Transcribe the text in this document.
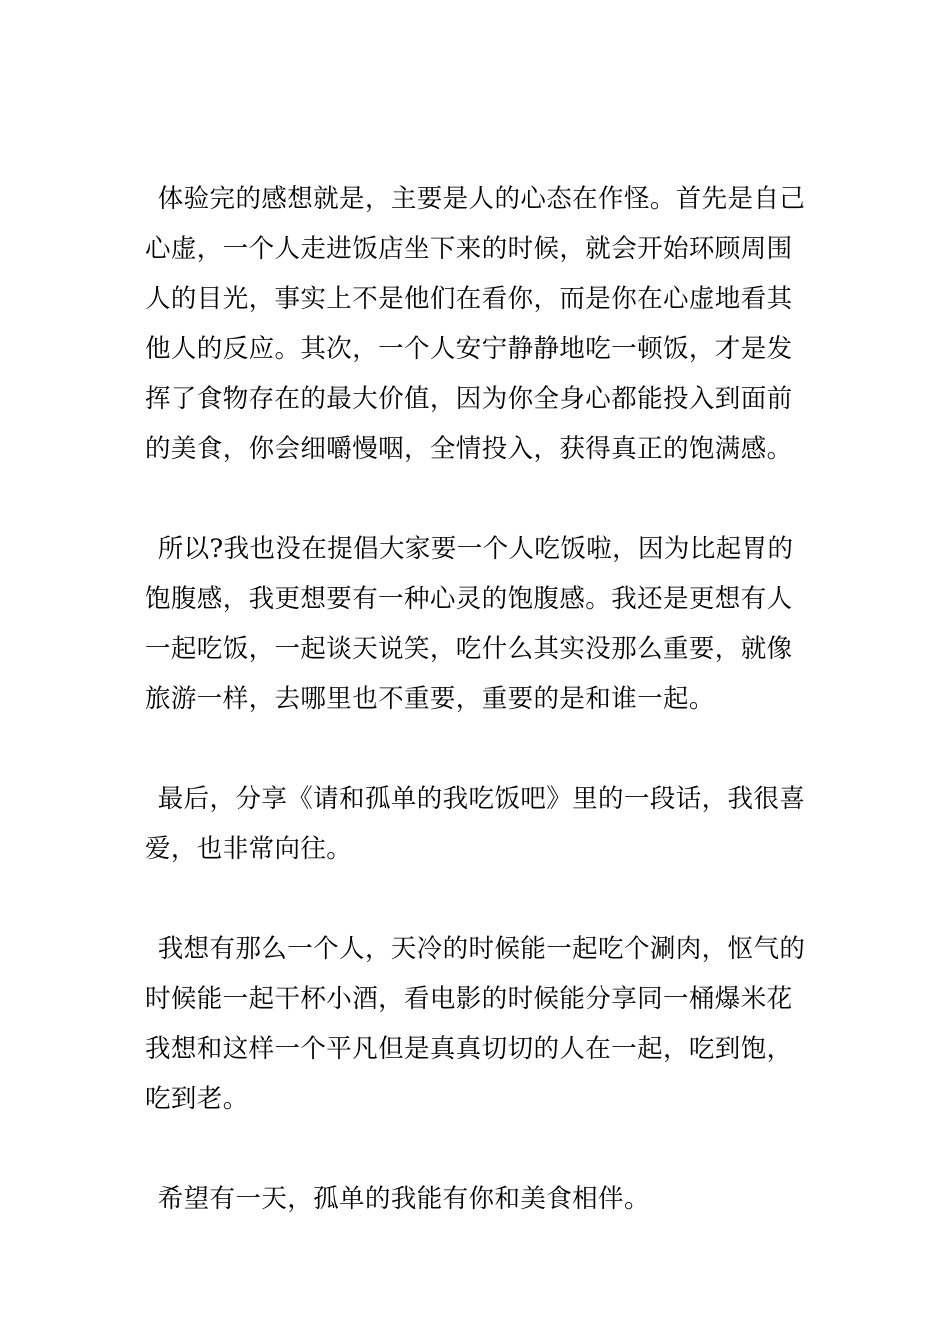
体验完的感想就是，主要是人的心态在作怪。首先是自己心虚，一个人走进饭店坐下来的时候，就会开始环顾周围人的目光，事实上不是他们在看你，而是你在心虚地看其他人的反应。其次，一个人安宁静静地吃一顿饭，才是发挥了食物存在的最大价值，因为你全身心都能投入到面前的美食，你会细嚼慢咽，全情投入，获得真正的饱满感。

所以?我也没在提倡大家要一个人吃饭啦，因为比起胃的饱腹感，我更想要有一种心灵的饱腹感。我还是更想有人一起吃饭，一起谈天说笑，吃什么其实没那么重要，就像旅游一样，去哪里也不重要，重要的是和谁一起。

最后，分享《请和孤单的我吃饭吧》里的一段话，我很喜爱，也非常向往。

我想有那么一个人，天冷的时候能一起吃个涮肉，怄气的时候能一起干杯小酒，看电影的时候能分享同一桶爆米花我想和这样一个平凡但是真真切切的人在一起，吃到饱，吃到老。

希望有一天，孤单的我能有你和美食相伴。
